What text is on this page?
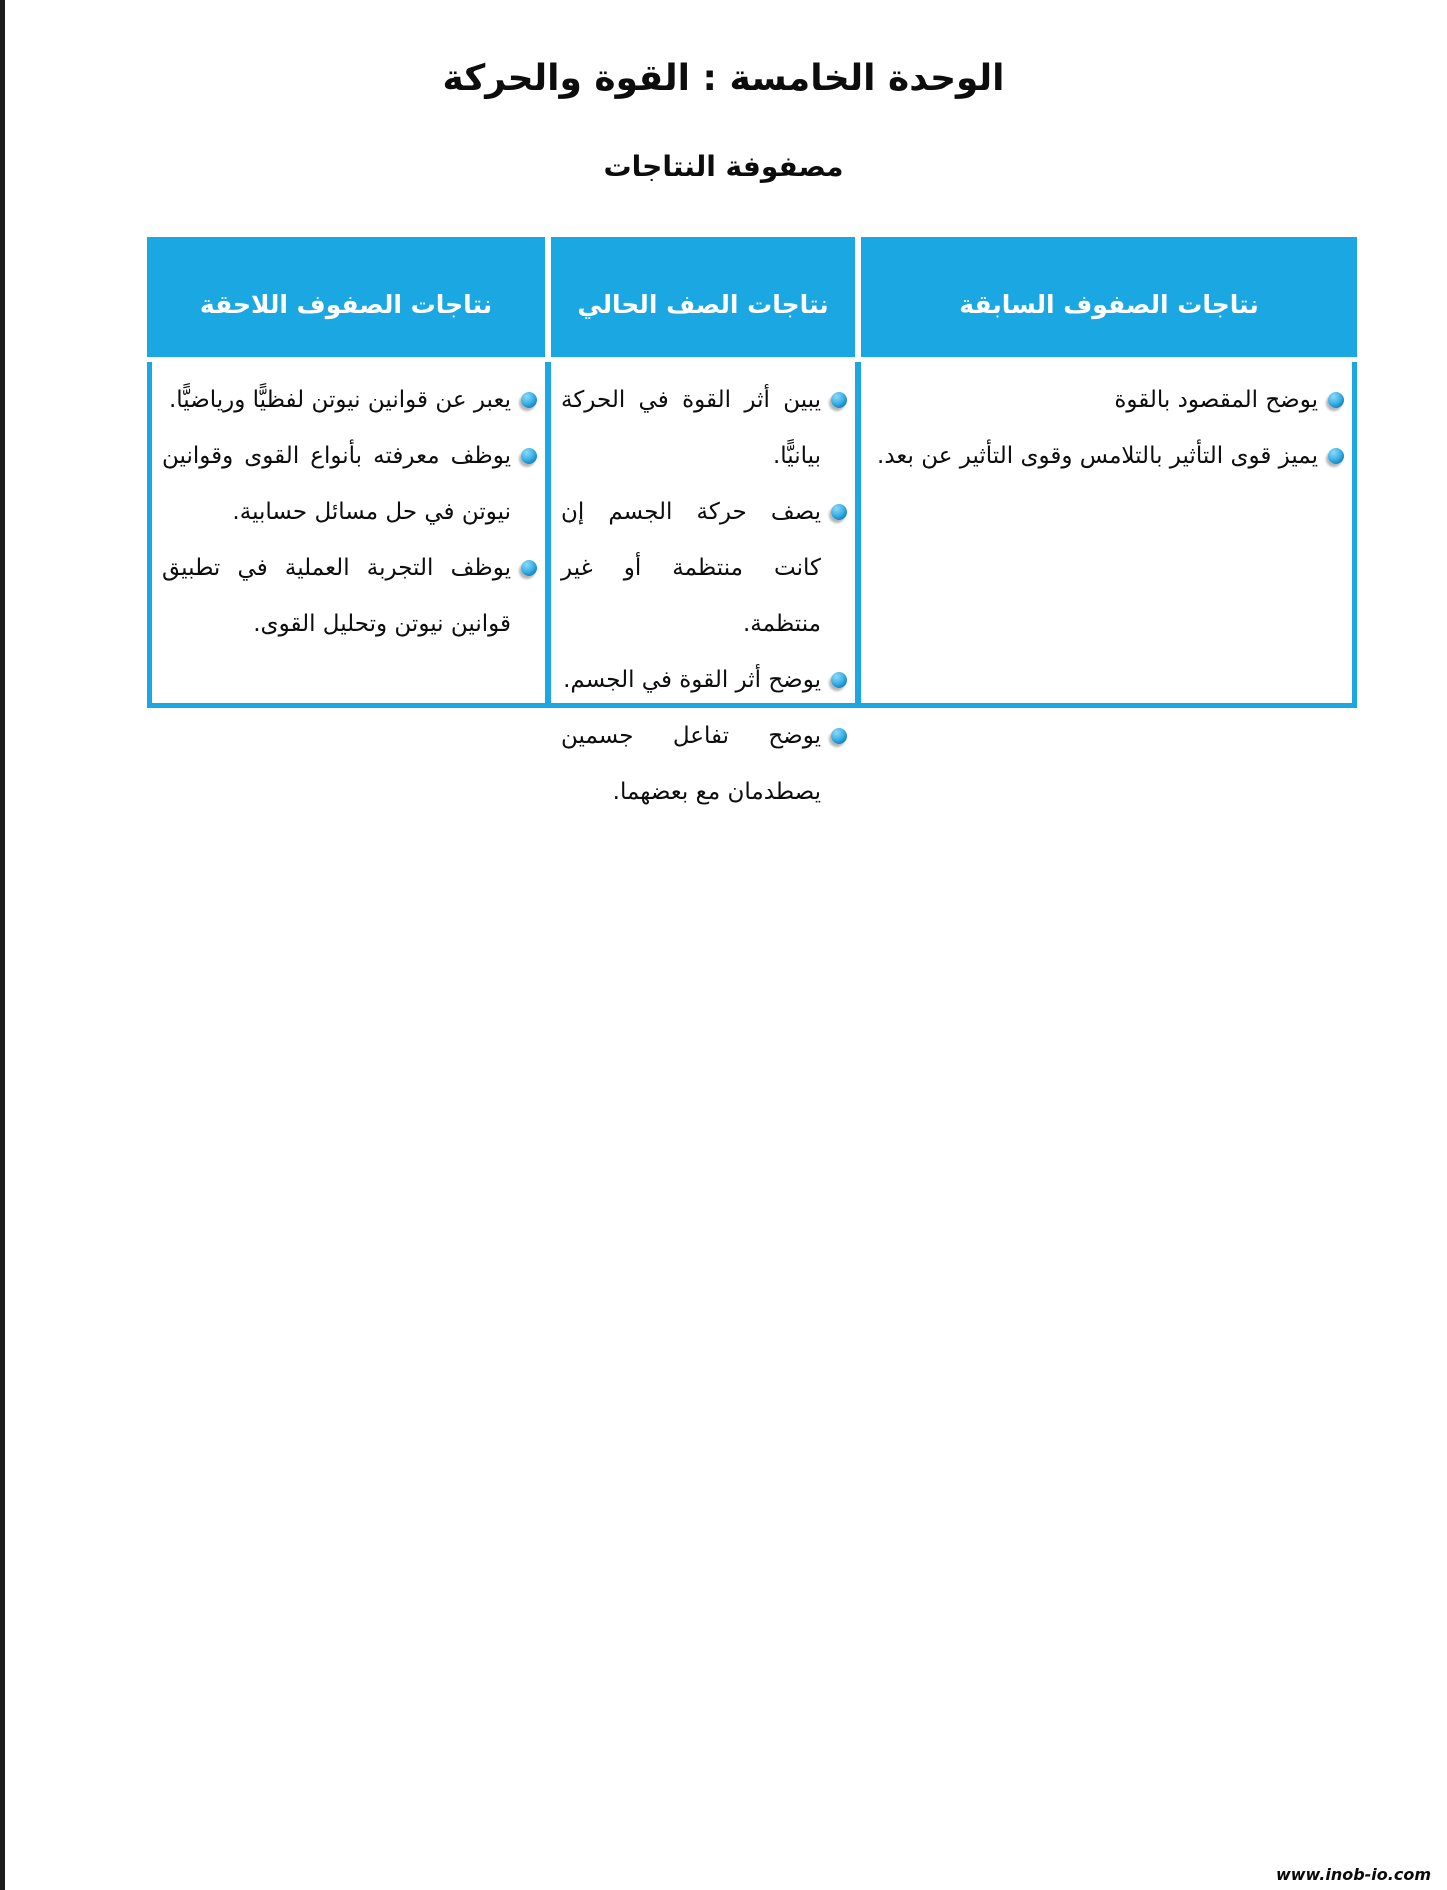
الوحدة الخامسة : القوة والحركة
مصفوفة النتاجات
نتاجات الصفوف السابقة
نتاجات الصف الحالي
نتاجات الصفوف اللاحقة
يوضح المقصود بالقوة
يميز قوى التأثير بالتلامس وقوى التأثير عن بعد.
يبين أثر القوة في الحركة بيانيًّا.
يصف حركة الجسم إن كانت منتظمة أو غير منتظمة.
يوضح أثر القوة في الجسم.
يوضح تفاعل جسمين يصطدمان مع بعضهما.
يعبر عن قوانين نيوتن لفظيًّا ورياضيًّا.
يوظف معرفته بأنواع القوى وقوانين نيوتن في حل مسائل حسابية.
يوظف التجربة العملية في تطبيق قوانين نيوتن وتحليل القوى.
www.inob-io.com
